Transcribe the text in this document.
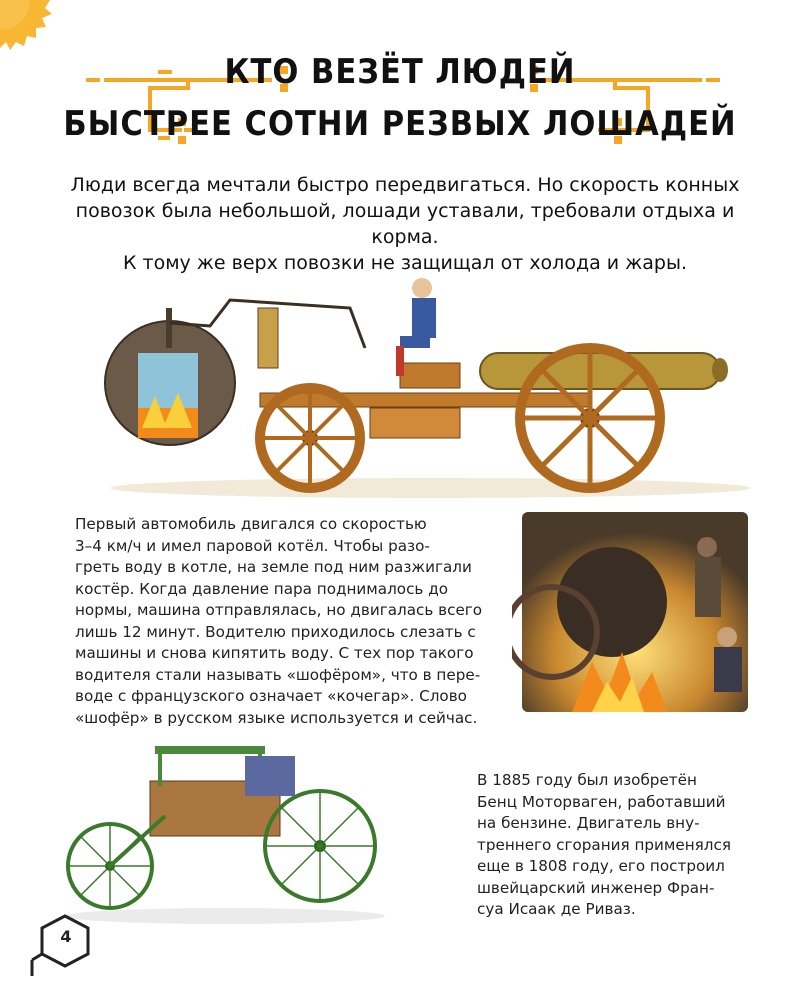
КТО ВЕЗЁТ ЛЮДЕЙ
БЫСТРЕЕ СОТНИ РЕЗВЫХ ЛОШАДЕЙ

Люди всегда мечтали быстро передвигаться. Но скорость конных

повозок была небольшой, лошади уставали, требовали отдыха и корма.

К тому же верх повозки не защищал от холода и жары.

Первый автомобиль двигался со скоростью

3–4 км/ч и имел паровой котёл. Чтобы разо-

греть воду в котле, на земле под ним разжигали

костёр. Когда давление пара поднималось до

нормы, машина отправлялась, но двигалась всего

лишь 12 минут. Водителю приходилось слезать с

машины и снова кипятить воду. С тех пор такого

водителя стали называть «шофёром», что в пере-

воде с французского означает «кочегар». Слово

«шофёр» в русском языке используется и сейчас.

В 1885 году был изобретён

Бенц Моторваген, работавший

на бензине. Двигатель вну-

треннего сгорания применялся

еще в 1808 году, его построил

швейцарский инженер Фран-

суа Исаак де Риваз.

4
